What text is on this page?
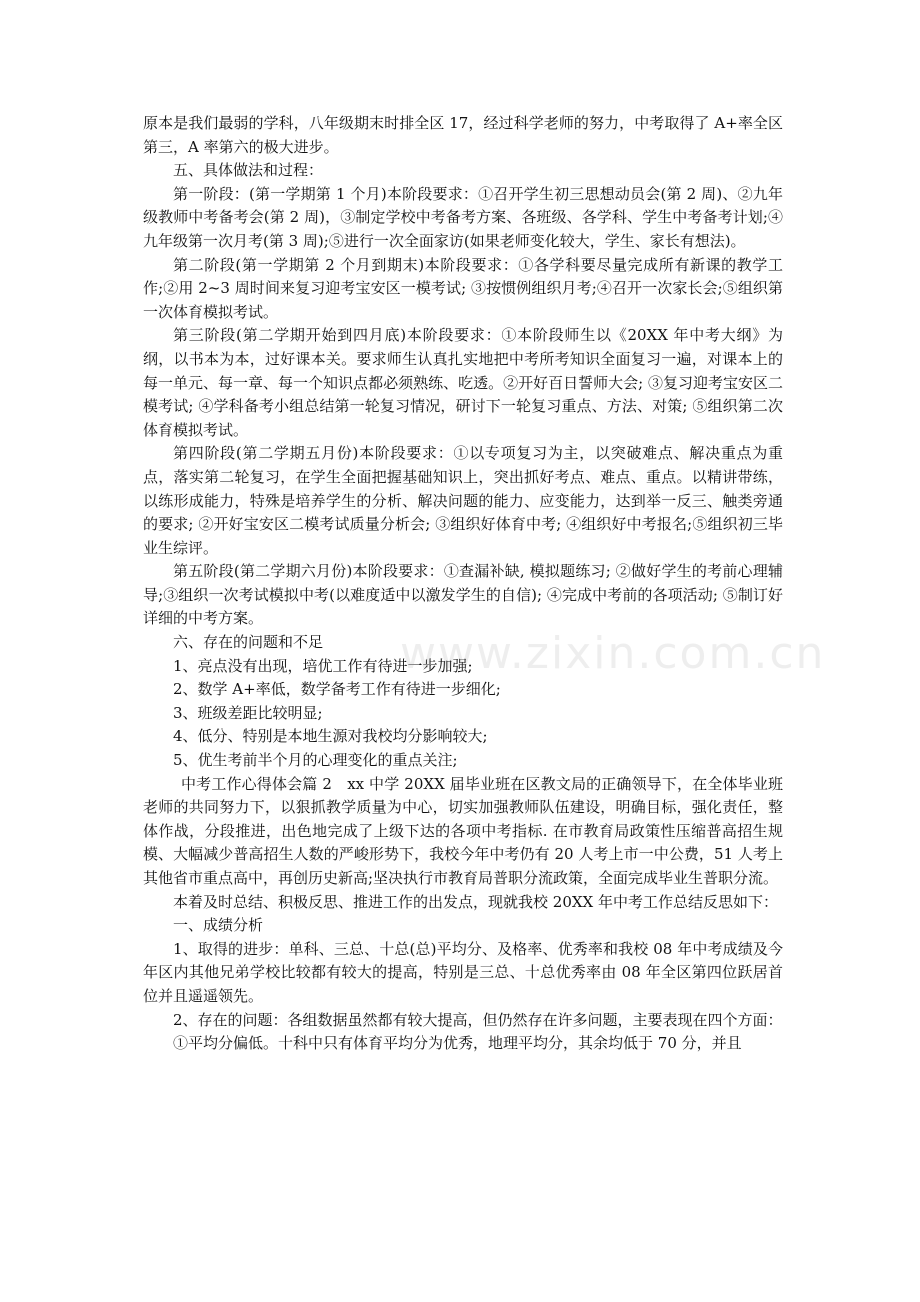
原本是我们最弱的学科，八年级期末时排全区 17，经过科学老师的努力，中考取得了 A+率全区第三，A 率第六的极大进步。

五、具体做法和过程：

第一阶段：(第一学期第 1 个月)本阶段要求：①召开学生初三思想动员会(第 2 周)、②九年级教师中考备考会(第 2 周)，③制定学校中考备考方案、各班级、各学科、学生中考备考计划;④九年级第一次月考(第 3 周);⑤进行一次全面家访(如果老师变化较大，学生、家长有想法)。

第二阶段(第一学期第 2 个月到期末)本阶段要求：①各学科要尽量完成所有新课的教学工作;②用 2~3 周时间来复习迎考宝安区一模考试; ③按惯例组织月考;④召开一次家长会;⑤组织第一次体育模拟考试。

第三阶段(第二学期开始到四月底)本阶段要求：①本阶段师生以《20XX 年中考大纲》为纲，以书本为本，过好课本关。要求师生认真扎实地把中考所考知识全面复习一遍，对课本上的每一单元、每一章、每一个知识点都必须熟练、吃透。②开好百日誓师大会; ③复习迎考宝安区二模考试; ④学科备考小组总结第一轮复习情况，研讨下一轮复习重点、方法、对策; ⑤组织第二次体育模拟考试。

第四阶段(第二学期五月份)本阶段要求：①以专项复习为主，以突破难点、解决重点为重点，落实第二轮复习，在学生全面把握基础知识上，突出抓好考点、难点、重点。以精讲带练，以练形成能力，特殊是培养学生的分析、解决问题的能力、应变能力，达到举一反三、触类旁通的要求; ②开好宝安区二模考试质量分析会; ③组织好体育中考; ④组织好中考报名;⑤组织初三毕业生综评。

第五阶段(第二学期六月份)本阶段要求：①查漏补缺, 模拟题练习; ②做好学生的考前心理辅导;③组织一次考试模拟中考(以难度适中以激发学生的自信); ④完成中考前的各项活动; ⑤制订好详细的中考方案。

六、存在的问题和不足

1、亮点没有出现，培优工作有待进一步加强;

2、数学 A+率低，数学备考工作有待进一步细化;

3、班级差距比较明显;

4、低分、特别是本地生源对我校均分影响较大;

5、优生考前半个月的心理变化的重点关注;

中考工作心得体会篇 2　xx 中学 20XX 届毕业班在区教文局的正确领导下，在全体毕业班老师的共同努力下，以狠抓教学质量为中心，切实加强教师队伍建设，明确目标，强化责任，整体作战，分段推进，出色地完成了上级下达的各项中考指标. 在市教育局政策性压缩普高招生规模、大幅减少普高招生人数的严峻形势下，我校今年中考仍有 20 人考上市一中公费，51 人考上其他省市重点高中，再创历史新高;坚决执行市教育局普职分流政策，全面完成毕业生普职分流。

本着及时总结、积极反思、推进工作的出发点，现就我校 20XX 年中考工作总结反思如下：

一、成绩分析

1、取得的进步：单科、三总、十总(总)平均分、及格率、优秀率和我校 08 年中考成绩及今年区内其他兄弟学校比较都有较大的提高，特别是三总、十总优秀率由 08 年全区第四位跃居首位并且遥遥领先。

2、存在的问题：各组数据虽然都有较大提高，但仍然存在许多问题，主要表现在四个方面：

①平均分偏低。十科中只有体育平均分为优秀，地理平均分，其余均低于 70 分，并且

www.zixin.com.cn
